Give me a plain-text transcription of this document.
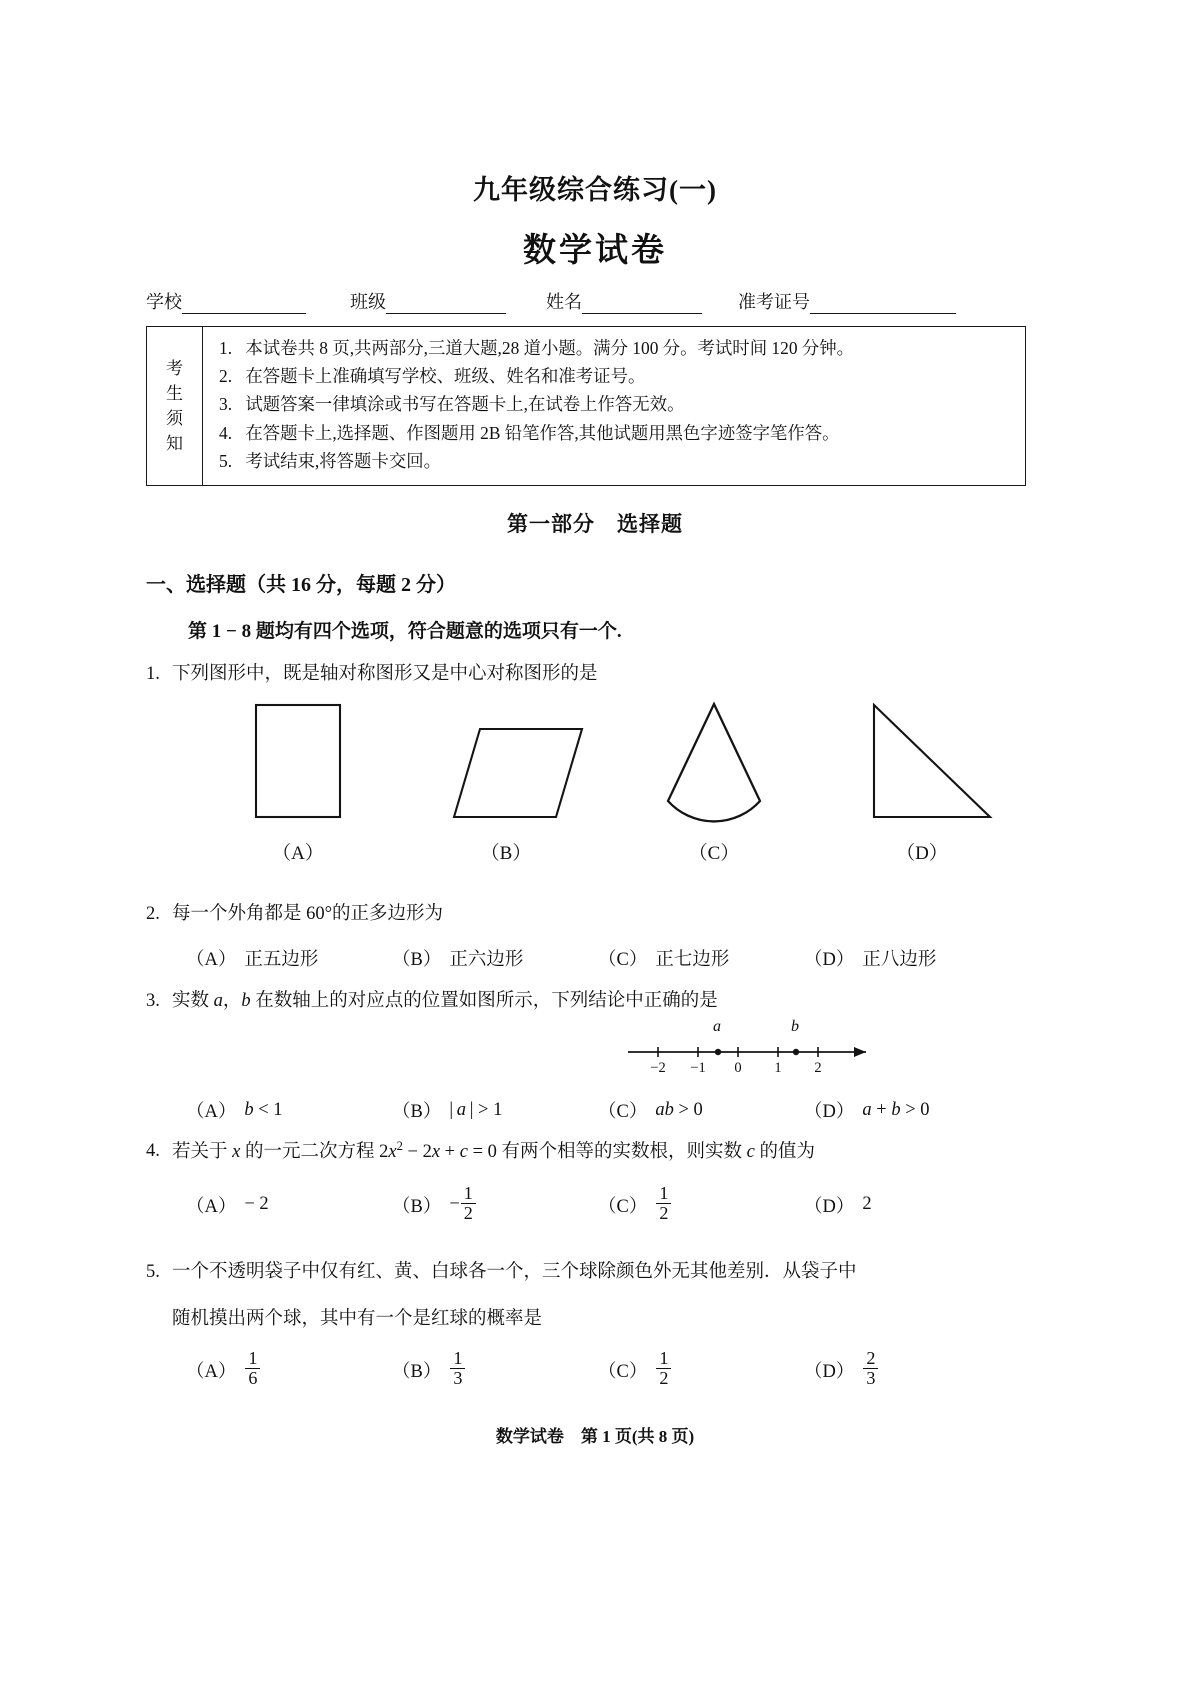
九年级综合练习(一)
数学试卷
学校	班级	姓名	准考证号
考
生
须
知
1. 本试卷共 8 页,共两部分,三道大题,28 道小题。满分 100 分。考试时间 120 分钟。
2. 在答题卡上准确填写学校、班级、姓名和准考证号。
3. 试题答案一律填涂或书写在答题卡上,在试卷上作答无效。
4. 在答题卡上,选择题、作图题用 2B 铅笔作答,其他试题用黑色字迹签字笔作答。
5. 考试结束,将答题卡交回。
第一部分　选择题
一、选择题（共 16 分，每题 2 分）
第 1 − 8 题均有四个选项，符合题意的选项只有一个.
1. 下列图形中，既是轴对称图形又是中心对称图形的是
（A）	（B）	（C）	（D）
2. 每一个外角都是 60°的正多边形为
（A） 正五边形	（B） 正六边形	（C） 正七边形	（D） 正八边形
3. 实数 a，b 在数轴上的对应点的位置如图所示，下列结论中正确的是
a	b
−2	−1	0	1	2
（A） b < 1	（B） | a | > 1	（C） ab > 0	（D） a + b > 0
4. 若关于 x 的一元二次方程 $2x^2 - 2x + c = 0$ 有两个相等的实数根，则实数 c 的值为
（A） − 2	$(B) - \frac{1}{2}$	$(C) \frac{1}{2}$	（D） 2
5. 一个不透明袋子中仅有红、黄、白球各一个，三个球除颜色外无其他差别．从袋子中
随机摸出两个球，其中有一个是红球的概率是
$(A) \frac{1}{6}$	$(B) \frac{1}{3}$	$(C) \frac{1}{2}$	$(D) \frac{2}{3}$
数学试卷　第 1 页(共 8 页)
